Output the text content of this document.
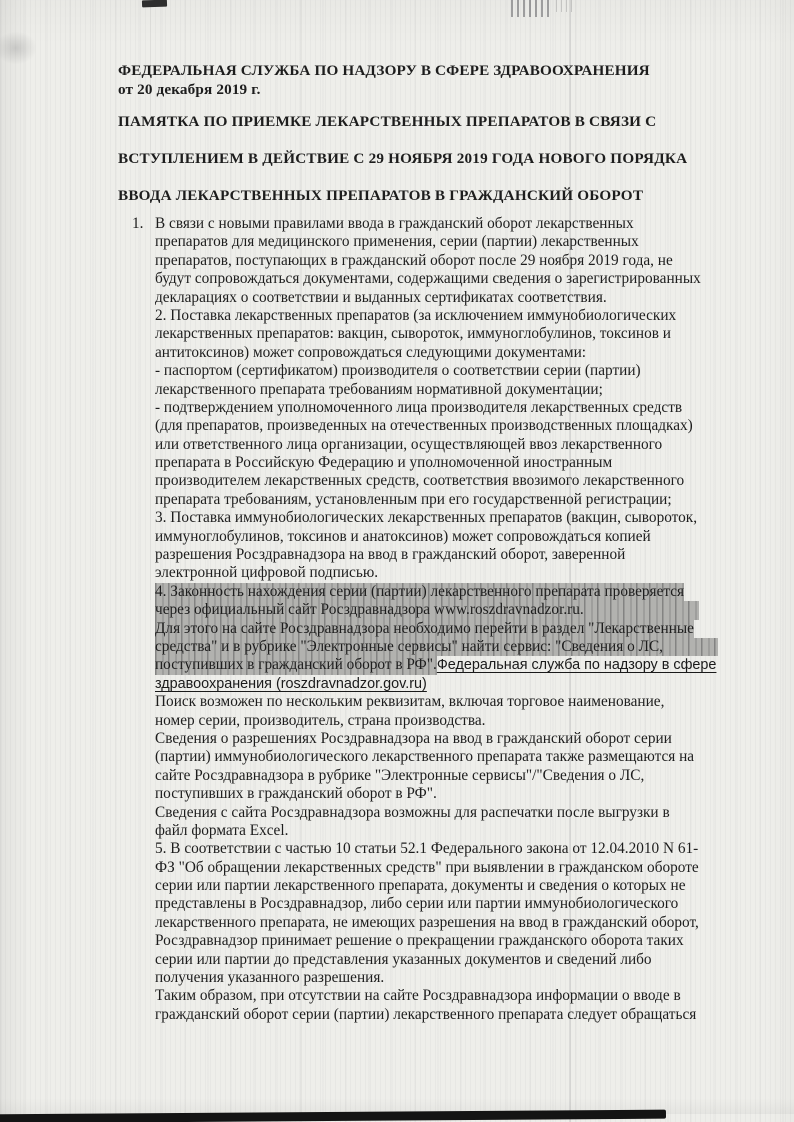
ФЕДЕРАЛЬНАЯ СЛУЖБА ПО НАДЗОРУ В СФЕРЕ ЗДРАВООХРАНЕНИЯ
от 20 декабря 2019 г.
ПАМЯТКА ПО ПРИЕМКЕ ЛЕКАРСТВЕННЫХ ПРЕПАРАТОВ В СВЯЗИ С
ВСТУПЛЕНИЕМ В ДЕЙСТВИЕ С 29 НОЯБРЯ 2019 ГОДА НОВОГО ПОРЯДКА
ВВОДА ЛЕКАРСТВЕННЫХ ПРЕПАРАТОВ В ГРАЖДАНСКИЙ ОБОРОТ
1. В связи с новыми правилами ввода в гражданский оборот лекарственных
препаратов для медицинского применения, серии (партии) лекарственных
препаратов, поступающих в гражданский оборот после 29 ноября 2019 года, не
будут сопровождаться документами, содержащими сведения о зарегистрированных
декларациях о соответствии и выданных сертификатах соответствия.
2. Поставка лекарственных препаратов (за исключением иммунобиологических
лекарственных препаратов: вакцин, сывороток, иммуноглобулинов, токсинов и
антитоксинов) может сопровождаться следующими документами:
- паспортом (сертификатом) производителя о соответствии серии (партии)
лекарственного препарата требованиям нормативной документации;
- подтверждением уполномоченного лица производителя лекарственных средств
(для препаратов, произведенных на отечественных производственных площадках)
или ответственного лица организации, осуществляющей ввоз лекарственного
препарата в Российскую Федерацию и уполномоченной иностранным
производителем лекарственных средств, соответствия ввозимого лекарственного
препарата требованиям, установленным при его государственной регистрации;
3. Поставка иммунобиологических лекарственных препаратов (вакцин, сывороток,
иммуноглобулинов, токсинов и анатоксинов) может сопровождаться копией
разрешения Росздравнадзора на ввод в гражданский оборот, заверенной
электронной цифровой подписью.
4. Законность нахождения серии (партии) лекарственного препарата проверяется
через официальный сайт Росздравнадзора www.roszdravnadzor.ru.
Для этого на сайте Росздравнадзора необходимо перейти в раздел "Лекарственные
средства" и в рубрике "Электронные сервисы" найти сервис: "Сведения о ЛС,
поступивших в гражданский оборот в РФ".Федеральная служба по надзору в сфере
здравоохранения (roszdravnadzor.gov.ru)
Поиск возможен по нескольким реквизитам, включая торговое наименование,
номер серии, производитель, страна производства.
Сведения о разрешениях Росздравнадзора на ввод в гражданский оборот серии
(партии) иммунобиологического лекарственного препарата также размещаются на
сайте Росздравнадзора в рубрике "Электронные сервисы"/"Сведения о ЛС,
поступивших в гражданский оборот в РФ".
Сведения с сайта Росздравнадзора возможны для распечатки после выгрузки в
файл формата Excel.
5. В соответствии с частью 10 статьи 52.1 Федерального закона от 12.04.2010 N 61-
ФЗ "Об обращении лекарственных средств" при выявлении в гражданском обороте
серии или партии лекарственного препарата, документы и сведения о которых не
представлены в Росздравнадзор, либо серии или партии иммунобиологического
лекарственного препарата, не имеющих разрешения на ввод в гражданский оборот,
Росздравнадзор принимает решение о прекращении гражданского оборота таких
серии или партии до представления указанных документов и сведений либо
получения указанного разрешения.
Таким образом, при отсутствии на сайте Росздравнадзора информации о вводе в
гражданский оборот серии (партии) лекарственного препарата следует обращаться
